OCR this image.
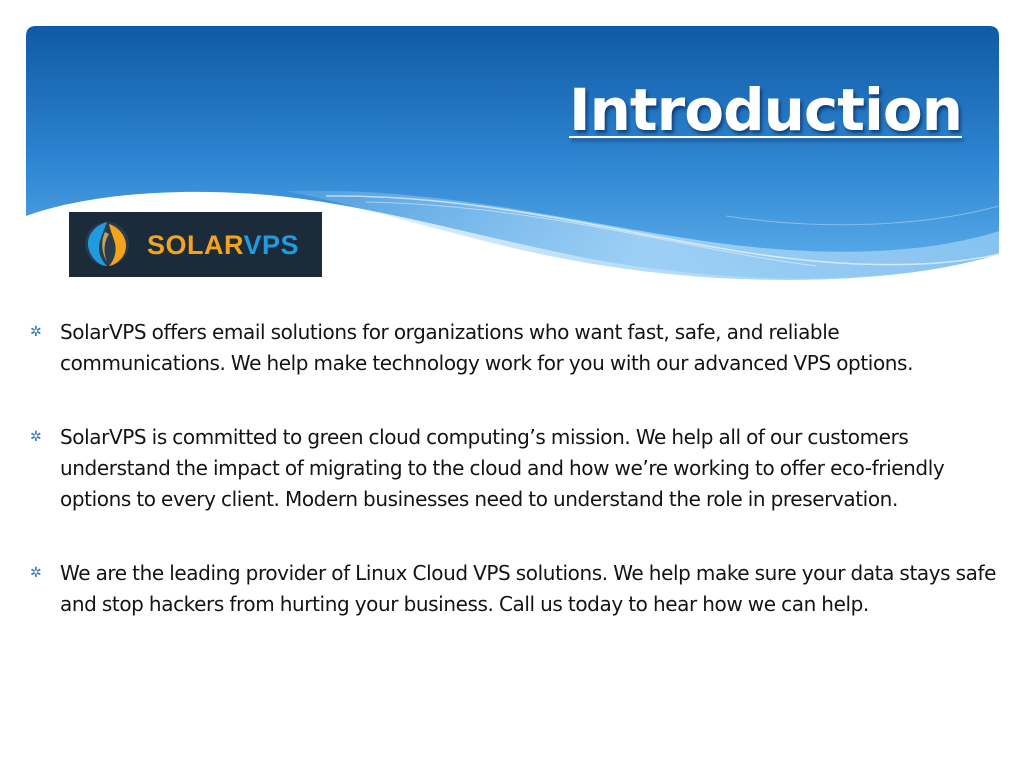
Introduction
SOLARVPS
✲ SolarVPS offers email solutions for organizations who want fast, safe, and reliable communications. We help make technology work for you with our advanced VPS options.
✲ SolarVPS is committed to green cloud computing’s mission. We help all of our customers understand the impact of migrating to the cloud and how we’re working to offer eco-friendly options to every client. Modern businesses need to understand the role in preservation.
✲ We are the leading provider of Linux Cloud VPS solutions. We help make sure your data stays safe and stop hackers from hurting your business. Call us today to hear how we can help.
